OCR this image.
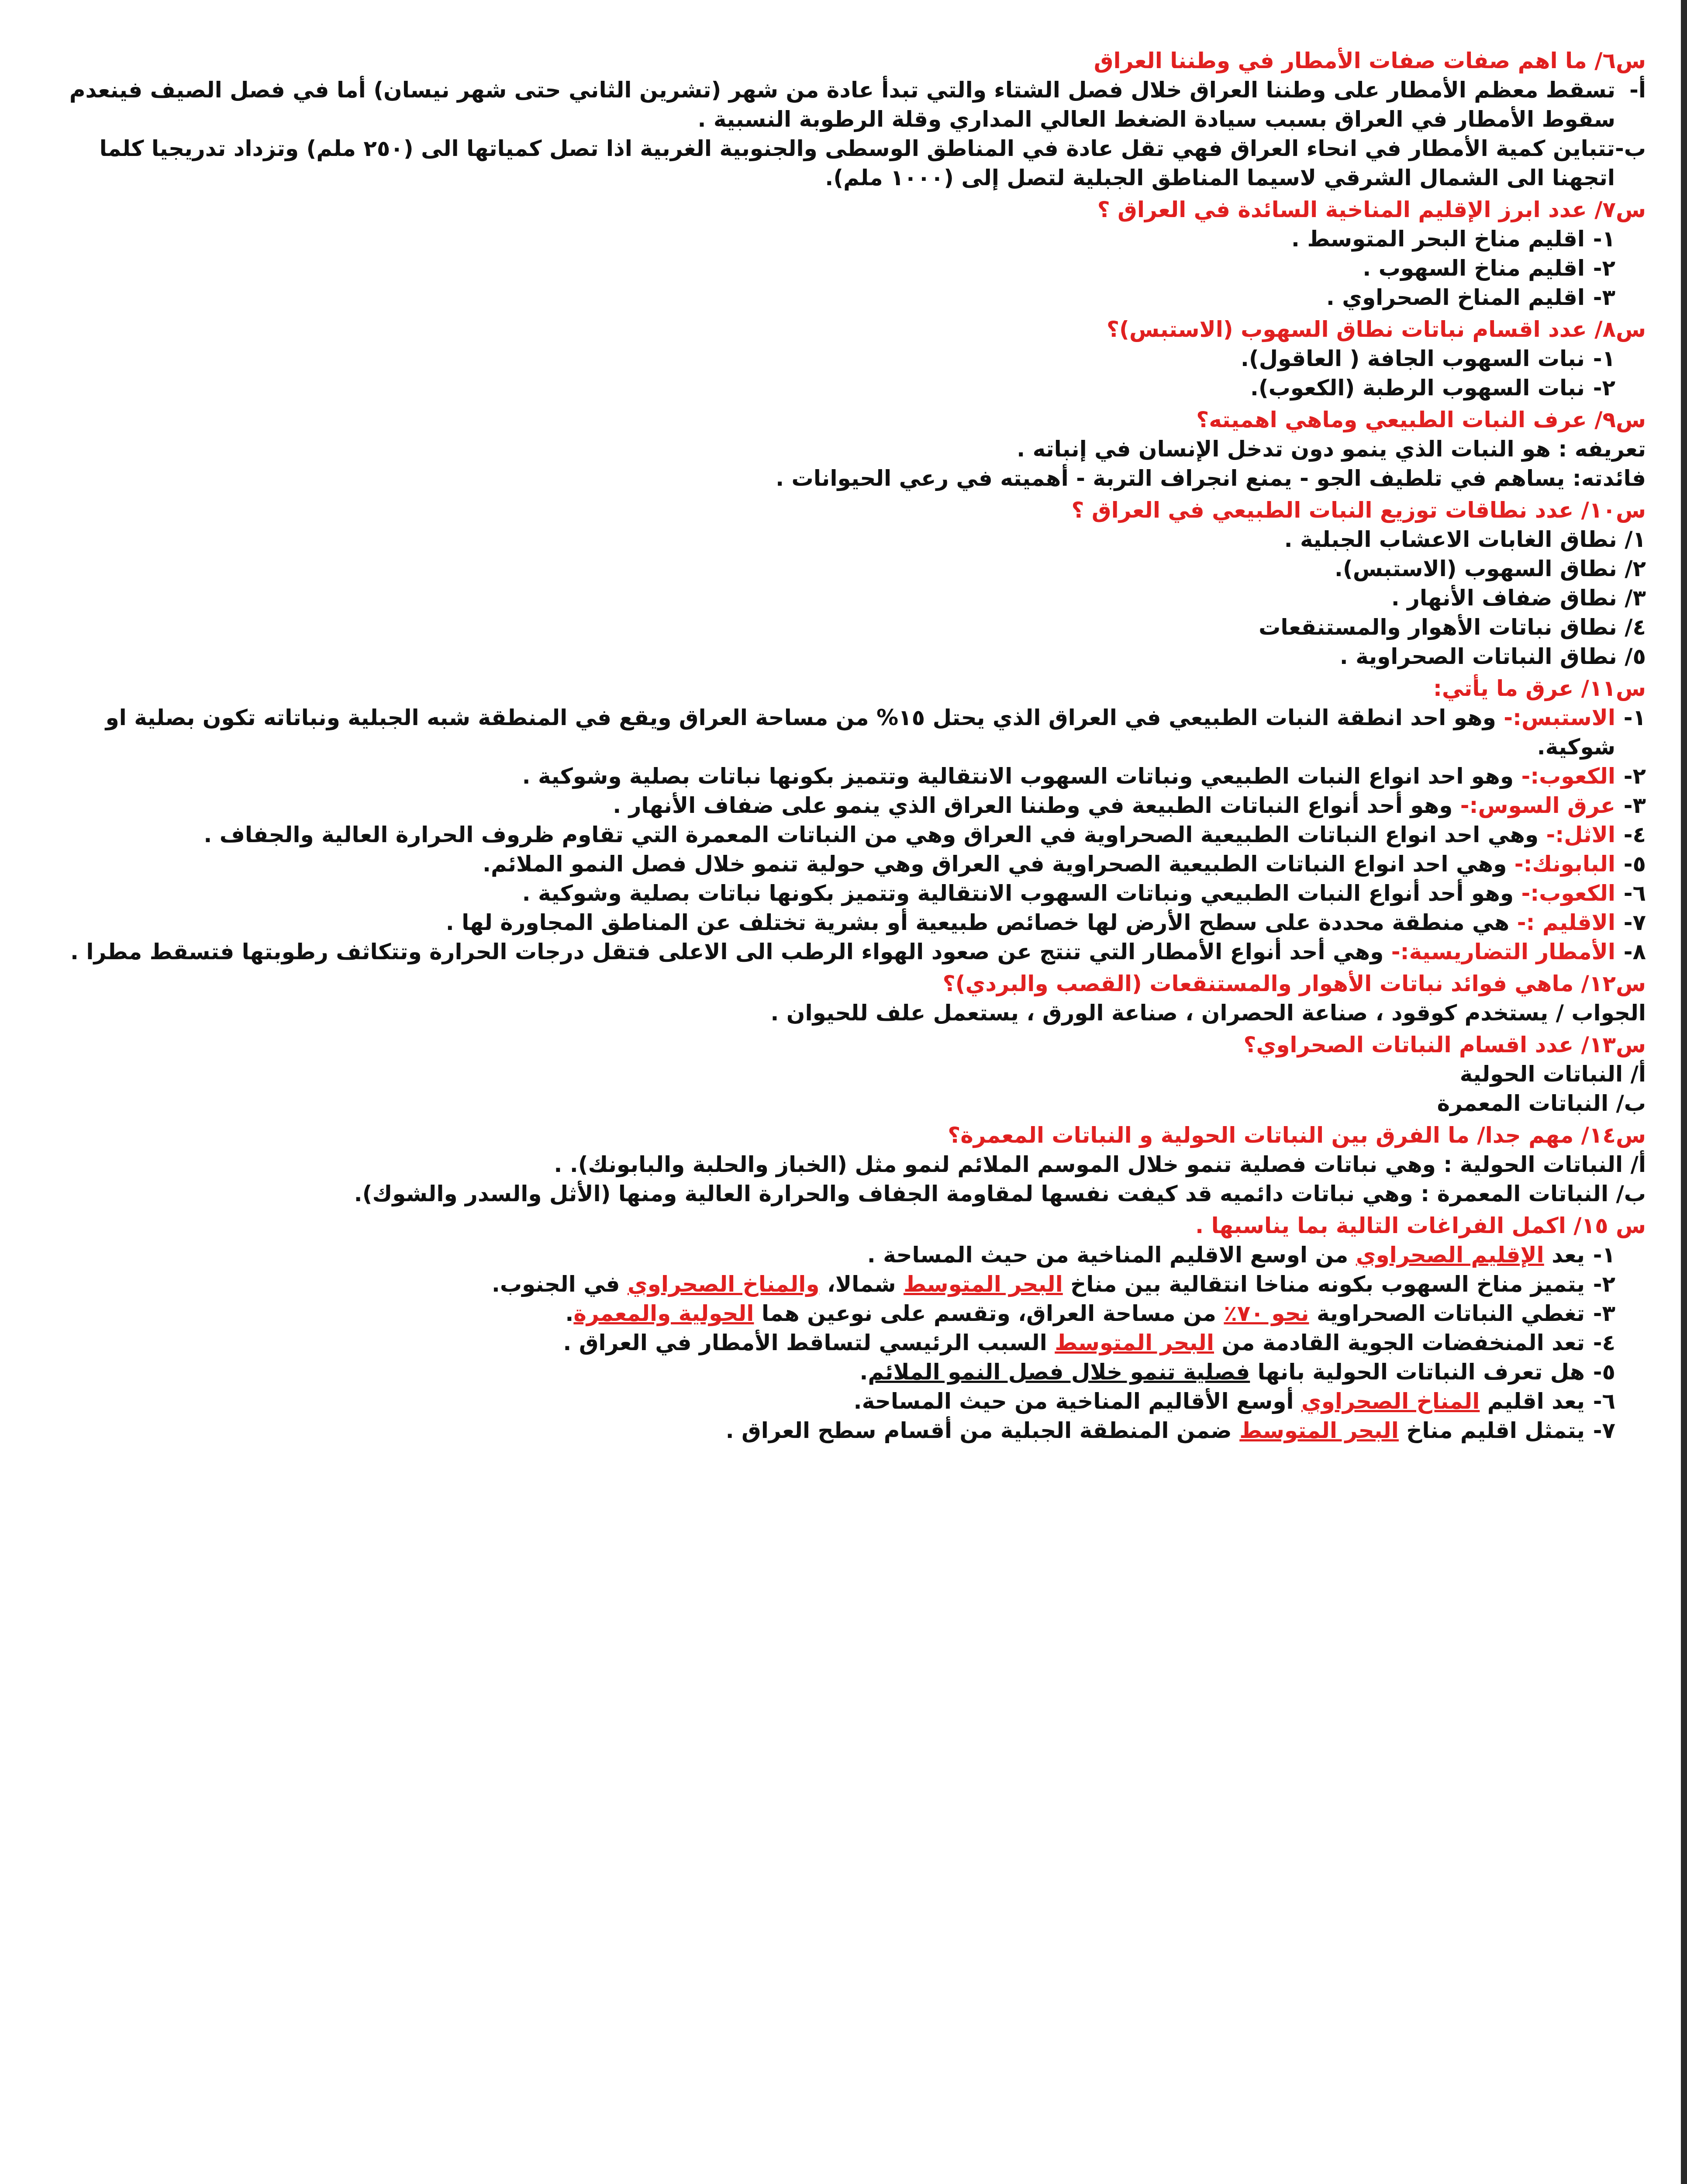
س٦/ ما اهم صفات صفات الأمطار في وطننا العراق
أ-
تسقط معظم الأمطار على وطننا العراق خلال فصل الشتاء والتي تبدأ عادة من شهر (تشرين الثاني حتى شهر نيسان) أما في فصل الصيف فينعدم سقوط الأمطار في العراق بسبب سيادة الضغط العالي المداري وقلة الرطوبة النسبية .
ب-
تتباين كمية الأمطار في انحاء العراق فهي تقل عادة في المناطق الوسطى والجنوبية الغربية اذا تصل كمياتها الى (٢٥٠ ملم) وتزداد تدريجيا كلما اتجهنا الى الشمال الشرقي لاسيما المناطق الجبلية لتصل إلى (١٠٠٠ ملم).
س٧/ عدد ابرز الإقليم المناخية السائدة في العراق ؟
١-
اقليم مناخ البحر المتوسط .
٢-
اقليم مناخ السهوب .
٣-
اقليم المناخ الصحراوي .
س٨/ عدد اقسام نباتات نطاق السهوب (الاستبس)؟
١-
نبات السهوب الجافة ( العاقول).
٢-
نبات السهوب الرطبة (الكعوب).
س٩/ عرف النبات الطبيعي وماهي اهميته؟
تعريفه : هو النبات الذي ينمو دون تدخل الإنسان في إنباته .
فائدته: يساهم في تلطيف الجو - يمنع انجراف التربة - أهميته في رعي الحيوانات .
س١٠/ عدد نطاقات توزيع النبات الطبيعي في العراق ؟
١/ نطاق الغابات الاعشاب الجبلية .
٢/ نطاق السهوب (الاستبس).
٣/ نطاق ضفاف الأنهار .
٤/ نطاق نباتات الأهوار والمستنقعات
٥/ نطاق النباتات الصحراوية .
س١١/ عرق ما يأتي:
١-
الاستبس:- وهو احد انطقة النبات الطبيعي في العراق الذي يحتل ١٥% من مساحة العراق ويقع في المنطقة شبه الجبلية ونباتاته تكون بصلية او شوكية.
٢-
الكعوب:- وهو احد انواع النبات الطبيعي ونباتات السهوب الانتقالية وتتميز بكونها نباتات بصلية وشوكية .
٣-
عرق السوس:- وهو أحد أنواع النباتات الطبيعة في وطننا العراق الذي ينمو على ضفاف الأنهار .
٤-
الاثل:- وهي احد انواع النباتات الطبيعية الصحراوية في العراق وهي من النباتات المعمرة التي تقاوم ظروف الحرارة العالية والجفاف .
٥-
البابونك:- وهي احد انواع النباتات الطبيعية الصحراوية في العراق وهي حولية تنمو خلال فصل النمو الملائم.
٦-
الكعوب:- وهو أحد أنواع النبات الطبيعي ونباتات السهوب الانتقالية وتتميز بكونها نباتات بصلية وشوكية .
٧-
الاقليم :- هي منطقة محددة على سطح الأرض لها خصائص طبيعية أو بشرية تختلف عن المناطق المجاورة لها .
٨-
الأمطار التضاريسية:- وهي أحد أنواع الأمطار التي تنتج عن صعود الهواء الرطب الى الاعلى فتقل درجات الحرارة وتتكاثف رطوبتها فتسقط مطرا .
س١٢/ ماهي فوائد نباتات الأهوار والمستنقعات (القصب والبردي)؟
الجواب / يستخدم كوقود ، صناعة الحصران ، صناعة الورق ، يستعمل علف للحيوان .
س١٣/ عدد اقسام النباتات الصحراوي؟
أ/ النباتات الحولية
ب/ النباتات المعمرة
س١٤/ مهم جدا/ ما الفرق بين النباتات الحولية و النباتات المعمرة؟
أ/ النباتات الحولية : وهي نباتات فصلية تنمو خلال الموسم الملائم لنمو مثل (الخباز والحلبة والبابونك). .
ب/ النباتات المعمرة : وهي نباتات دائميه قد كيفت نفسها لمقاومة الجفاف والحرارة العالية ومنها (الأثل والسدر والشوك).
س ١٥/ اكمل الفراغات التالية بما يناسبها .
١-
يعد الإقليم الصحراوي من اوسع الاقليم المناخية من حيث المساحة .
٢-
يتميز مناخ السهوب بكونه مناخا انتقالية بين مناخ البحر المتوسط شمالا، والمناخ الصحراوي في الجنوب.
٣-
تغطي النباتات الصحراوية نحو ٧٠٪ من مساحة العراق، وتقسم على نوعين هما الحولية والمعمرة.
٤-
تعد المنخفضات الجوية القادمة من البحر المتوسط السبب الرئيسي لتساقط الأمطار في العراق .
٥-
هل تعرف النباتات الحولية بانها فصلية تنمو خلال فصل النمو الملائم.
٦-
يعد اقليم المناخ الصحراوي أوسع الأقاليم المناخية من حيث المساحة.
٧-
يتمثل اقليم مناخ البحر المتوسط ضمن المنطقة الجبلية من أقسام سطح العراق .
